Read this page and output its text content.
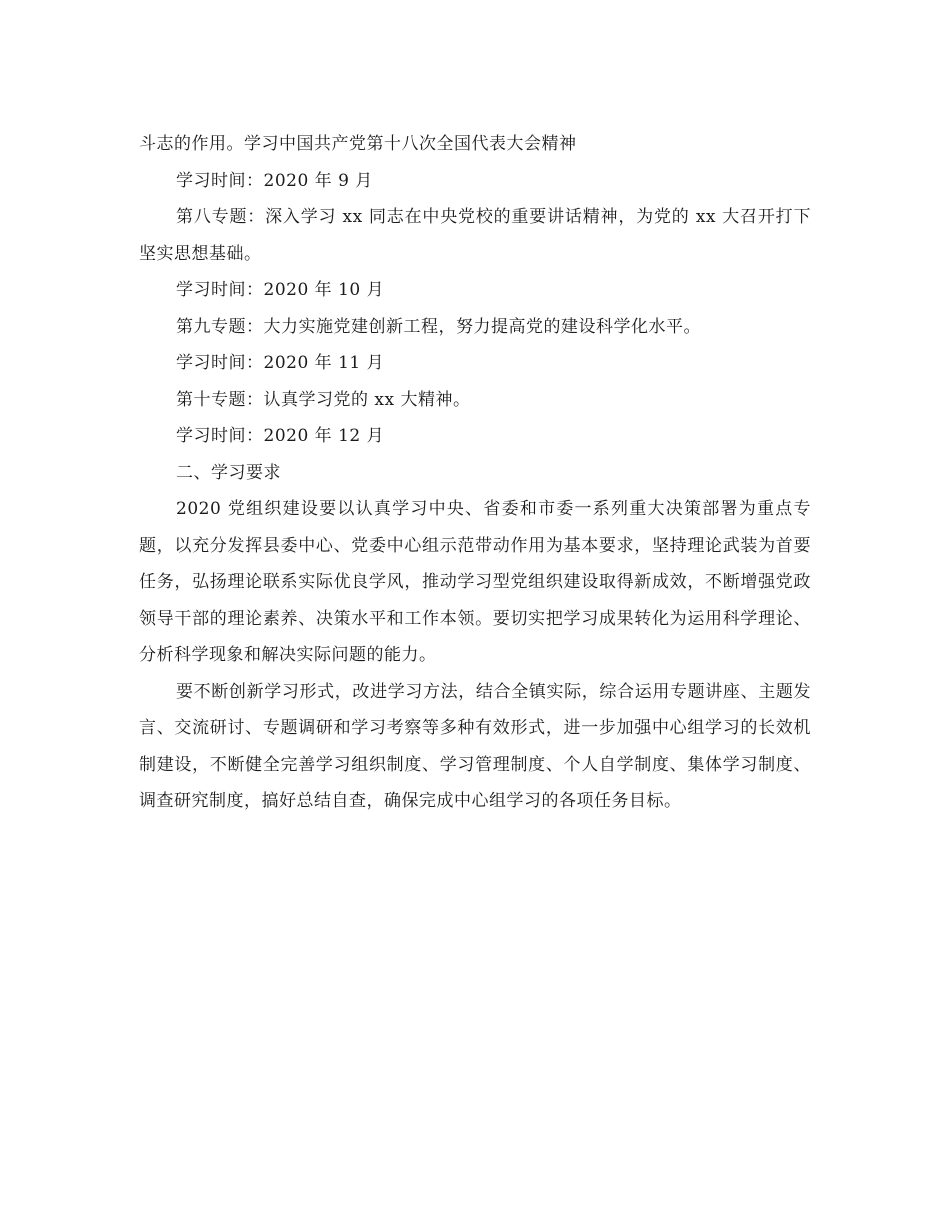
斗志的作用。学习中国共产党第十八次全国代表大会精神

学习时间：2020 年 9 月

第八专题：深入学习 xx 同志在中央党校的重要讲话精神，为党的 xx 大召开打下坚实思想基础。

学习时间：2020 年 10 月

第九专题：大力实施党建创新工程，努力提高党的建设科学化水平。

学习时间：2020 年 11 月

第十专题：认真学习党的 xx 大精神。

学习时间：2020 年 12 月

二、学习要求

2020 党组织建设要以认真学习中央、省委和市委一系列重大决策部署为重点专题，以充分发挥县委中心、党委中心组示范带动作用为基本要求，坚持理论武装为首要任务，弘扬理论联系实际优良学风，推动学习型党组织建设取得新成效，不断增强党政领导干部的理论素养、决策水平和工作本领。要切实把学习成果转化为运用科学理论、分析科学现象和解决实际问题的能力。

要不断创新学习形式，改进学习方法，结合全镇实际，综合运用专题讲座、主题发言、交流研讨、专题调研和学习考察等多种有效形式，进一步加强中心组学习的长效机制建设，不断健全完善学习组织制度、学习管理制度、个人自学制度、集体学习制度、调查研究制度，搞好总结自查，确保完成中心组学习的各项任务目标。
